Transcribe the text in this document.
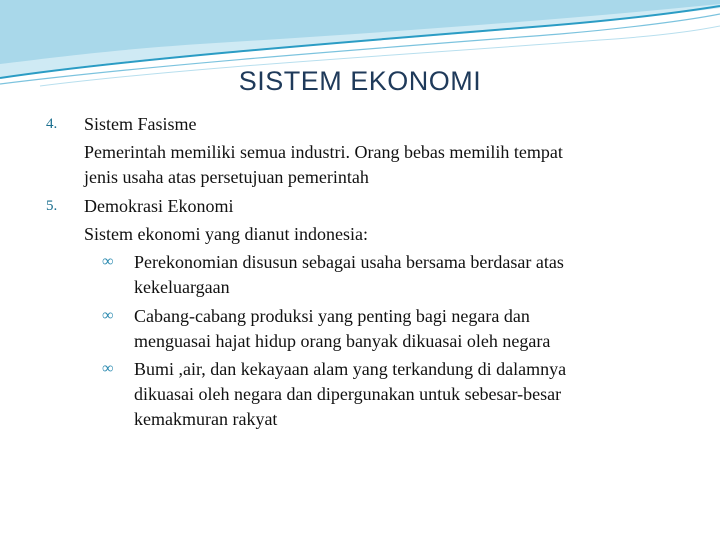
SISTEM EKONOMI
4. Sistem Fasisme
Pemerintah memiliki semua industri. Orang bebas memilih tempat
jenis usaha atas persetujuan pemerintah
5. Demokrasi Ekonomi
Sistem ekonomi yang dianut indonesia:
∞ Perekonomian disusun sebagai usaha bersama berdasar atas
kekeluargaan
∞ Cabang-cabang produksi yang penting bagi negara dan
menguasai hajat hidup orang banyak dikuasai oleh negara
∞ Bumi ,air, dan kekayaan alam yang terkandung di dalamnya
dikuasai oleh negara dan dipergunakan untuk sebesar-besar
kemakmuran rakyat
